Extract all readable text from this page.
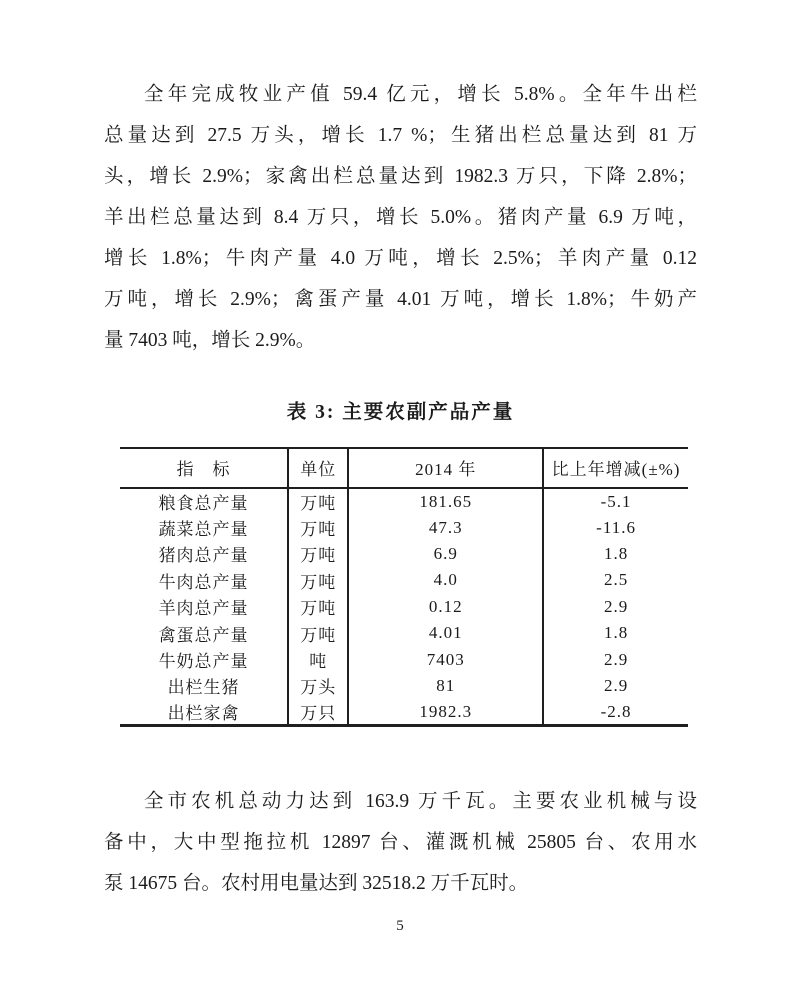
全年完成牧业产值 59.4 亿元，增长 5.8%。全年牛出栏
总量达到 27.5 万头，增长 1.7 %；生猪出栏总量达到 81 万
头，增长 2.9%；家禽出栏总量达到 1982.3 万只，下降 2.8%；
羊出栏总量达到 8.4 万只，增长 5.0%。猪肉产量 6.9 万吨，
增长 1.8%；牛肉产量 4.0 万吨，增长 2.5%；羊肉产量 0.12
万吨，增长 2.9%；禽蛋产量 4.01 万吨，增长 1.8%；牛奶产
量 7403 吨，增长 2.9%。
表 3: 主要农副产品产量
指　标	单位	2014 年	比上年增减(±%)
粮食总产量	万吨	181.65	-5.1
蔬菜总产量	万吨	47.3	-11.6
猪肉总产量	万吨	6.9	1.8
牛肉总产量	万吨	4.0	2.5
羊肉总产量	万吨	0.12	2.9
禽蛋总产量	万吨	4.01	1.8
牛奶总产量	吨	7403	2.9
出栏生猪	万头	81	2.9
出栏家禽	万只	1982.3	-2.8
全市农机总动力达到 163.9 万千瓦。主要农业机械与设
备中，大中型拖拉机 12897 台、灌溉机械 25805 台、农用水
泵 14675 台。农村用电量达到 32518.2 万千瓦时。
5
